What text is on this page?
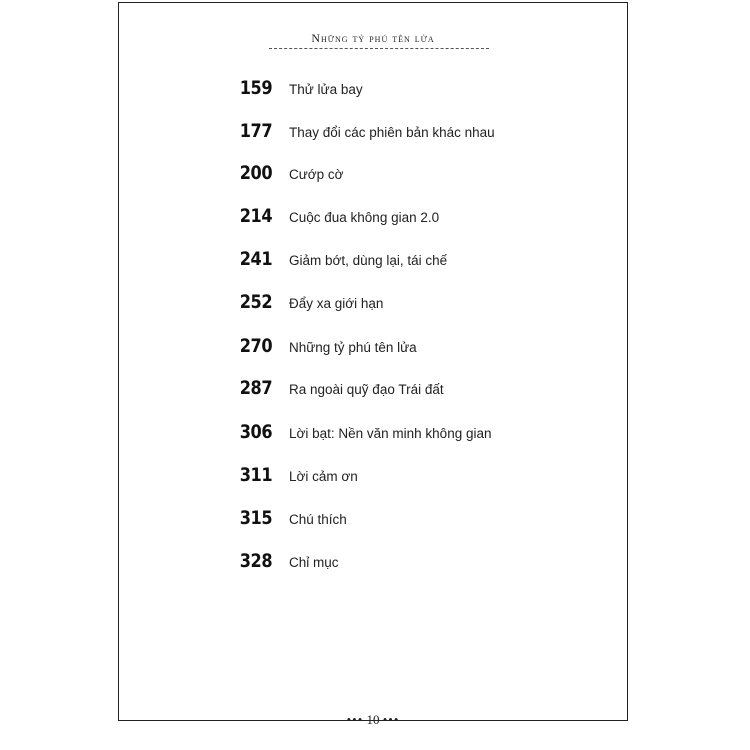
Những tỷ phú tên lửa
159 Thử lửa bay
177 Thay đổi các phiên bản khác nhau
200 Cướp cờ
214 Cuộc đua không gian 2.0
241 Giảm bớt, dùng lại, tái chế
252 Đẩy xa giới hạn
270 Những tỷ phú tên lửa
287 Ra ngoài quỹ đạo Trái đất
306 Lời bạt: Nền văn minh không gian
311 Lời cảm ơn
315 Chú thích
328 Chỉ mục
••• 10 •••
